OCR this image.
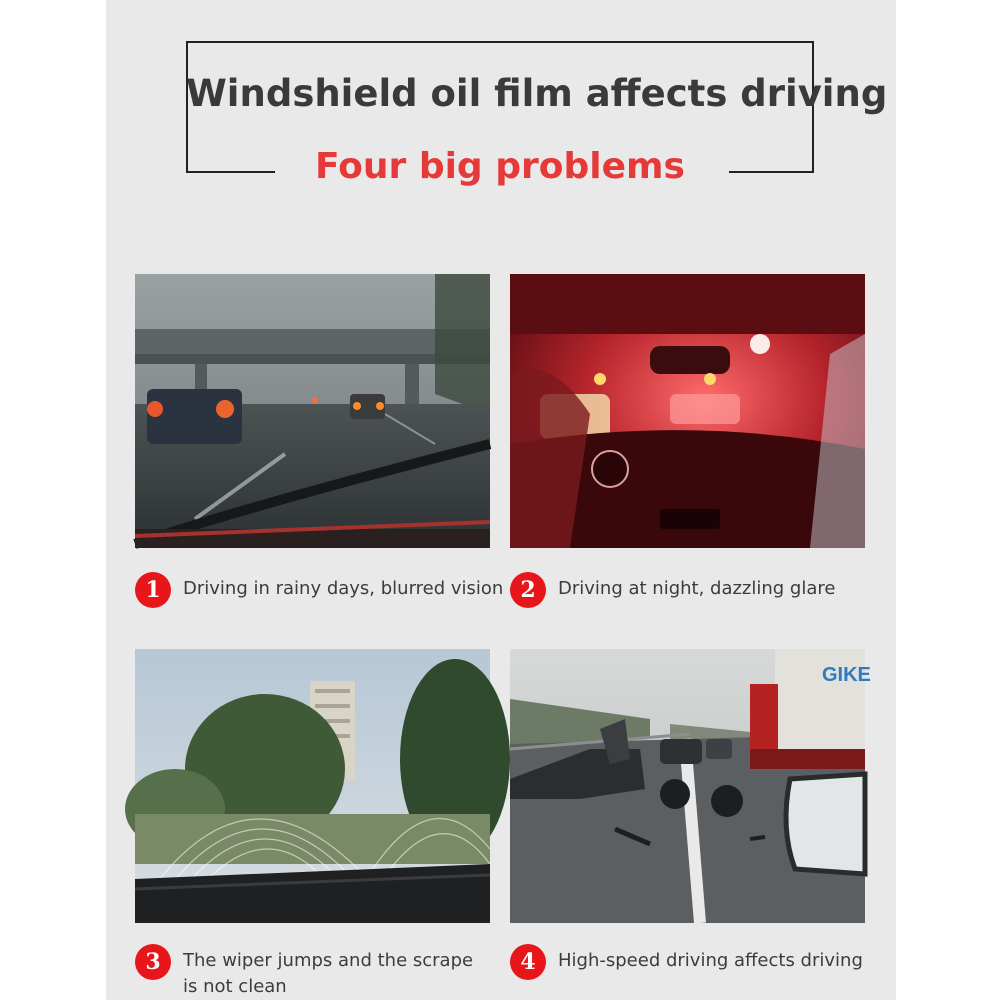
Windshield oil film affects driving
Four big problems
GIKE
1	Driving in rainy days, blurred vision 2	Driving at night, dazzling glare
3	The wiper jumps and the scrape
is not clean
4	High-speed driving affects driving
